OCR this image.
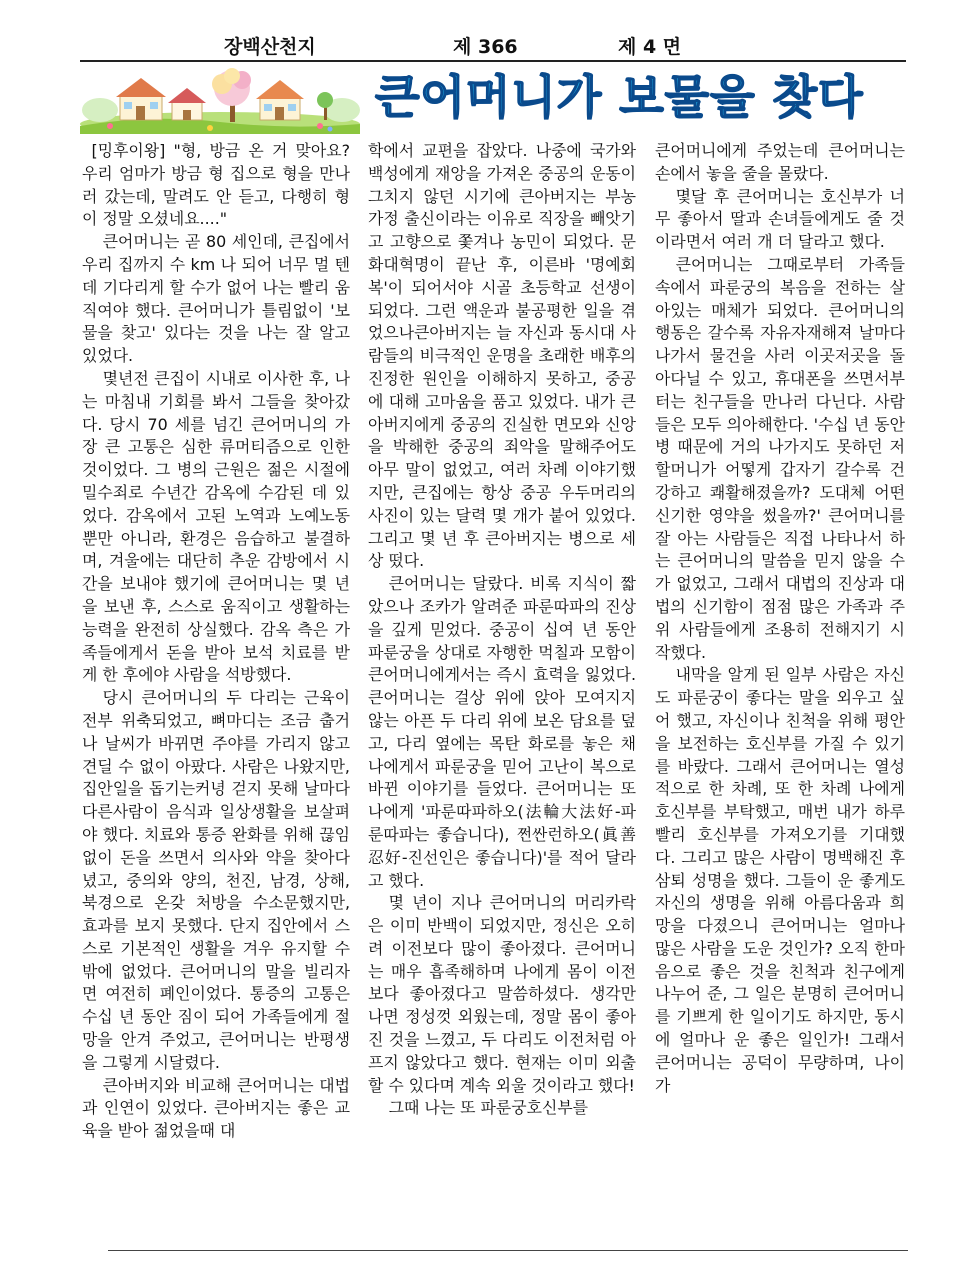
장백산천지	제 366	제 4 면
큰어머니가 보물을 찾다

[밍후이왕] "형, 방금 온 거 맞아요? 우리 엄마가 방금 형 집으로 형을 만나러 갔는데, 말려도 안 듣고, 다행히 형이 정말 오셨네요...."

큰어머니는 곧 80 세인데, 큰집에서 우리 집까지 수 km 나 되어 너무 멀 텐데 기다리게 할 수가 없어 나는 빨리 움직여야 했다. 큰어머니가 틀림없이 '보물을 찾고' 있다는 것을 나는 잘 알고 있었다.

몇년전 큰집이 시내로 이사한 후, 나는 마침내 기회를 봐서 그들을 찾아갔다. 당시 70 세를 넘긴 큰어머니의 가장 큰 고통은 심한 류머티즘으로 인한 것이었다. 그 병의 근원은 젊은 시절에 밀수죄로 수년간 감옥에 수감된 데 있었다. 감옥에서 고된 노역과 노예노동뿐만 아니라, 환경은 음습하고 불결하며, 겨울에는 대단히 추운 감방에서 시간을 보내야 했기에 큰어머니는 몇 년을 보낸 후, 스스로 움직이고 생활하는 능력을 완전히 상실했다. 감옥 측은 가족들에게서 돈을 받아 보석 치료를 받게 한 후에야 사람을 석방했다.

당시 큰어머니의 두 다리는 근육이 전부 위축되었고, 뼈마디는 조금 춥거나 날씨가 바뀌면 주야를 가리지 않고 견딜 수 없이 아팠다. 사람은 나왔지만, 집안일을 돕기는커녕 걷지 못해 날마다 다른사람이 음식과 일상생활을 보살펴야 했다. 치료와 통증 완화를 위해 끊임없이 돈을 쓰면서 의사와 약을 찾아다녔고, 중의와 양의, 천진, 남경, 상해, 북경으로 온갖 처방을 수소문했지만, 효과를 보지 못했다. 단지 집안에서 스스로 기본적인 생활을 겨우 유지할 수밖에 없었다. 큰어머니의 말을 빌리자면 여전히 폐인이었다. 통증의 고통은 수십 년 동안 짐이 되어 가족들에게 절망을 안겨 주었고, 큰어머니는 반평생을 그렇게 시달렸다.

큰아버지와 비교해 큰어머니는 대법과 인연이 있었다. 큰아버지는 좋은 교육을 받아 젊었을때 대

학에서 교편을 잡았다. 나중에 국가와 백성에게 재앙을 가져온 중공의 운동이 그치지 않던 시기에 큰아버지는 부농 가정 출신이라는 이유로 직장을 빼앗기고 고향으로 쫓겨나 농민이 되었다. 문화대혁명이 끝난 후, 이른바 '명예회복'이 되어서야 시골 초등학교 선생이 되었다. 그런 액운과 불공평한 일을 겪었으나큰아버지는 늘 자신과 동시대 사람들의 비극적인 운명을 초래한 배후의 진정한 원인을 이해하지 못하고, 중공에 대해 고마움을 품고 있었다. 내가 큰아버지에게 중공의 진실한 면모와 신앙을 박해한 중공의 죄악을 말해주어도 아무 말이 없었고, 여러 차례 이야기했지만, 큰집에는 항상 중공 우두머리의 사진이 있는 달력 몇 개가 붙어 있었다. 그리고 몇 년 후 큰아버지는 병으로 세상 떴다.

큰어머니는 달랐다. 비록 지식이 짧았으나 조카가 알려준 파룬따파의 진상을 깊게 믿었다. 중공이 십여 년 동안 파룬궁을 상대로 자행한 먹칠과 모함이 큰어머니에게서는 즉시 효력을 잃었다. 큰어머니는 걸상 위에 앉아 모여지지 않는 아픈 두 다리 위에 보온 담요를 덮고, 다리 옆에는 목탄 화로를 놓은 채 나에게서 파룬궁을 믿어 고난이 복으로 바뀐 이야기를 들었다. 큰어머니는 또 나에게 '파룬따파하오(法輪大法好-파룬따파는 좋습니다), 쩐싼런하오(眞善忍好-진선인은 좋습니다)'를 적어 달라고 했다.

몇 년이 지나 큰어머니의 머리카락은 이미 반백이 되었지만, 정신은 오히려 이전보다 많이 좋아졌다. 큰어머니는 매우 흡족해하며 나에게 몸이 이전보다 좋아졌다고 말씀하셨다. 생각만 나면 정성껏 외웠는데, 정말 몸이 좋아진 것을 느꼈고, 두 다리도 이전처럼 아프지 않았다고 했다. 현재는 이미 외출할 수 있다며 계속 외울 것이라고 했다!

그때 나는 또 파룬궁호신부를

큰어머니에게 주었는데 큰어머니는 손에서 놓을 줄을 몰랐다.

몇달 후 큰어머니는 호신부가 너무 좋아서 딸과 손녀들에게도 줄 것이라면서 여러 개 더 달라고 했다.

큰어머니는 그때로부터 가족들 속에서 파룬궁의 복음을 전하는 살아있는 매체가 되었다. 큰어머니의 행동은 갈수록 자유자재해져 날마다 나가서 물건을 사러 이곳저곳을 돌아다닐 수 있고, 휴대폰을 쓰면서부터는 친구들을 만나러 다닌다. 사람들은 모두 의아해한다. '수십 년 동안 병 때문에 거의 나가지도 못하던 저 할머니가 어떻게 갑자기 갈수록 건강하고 쾌활해졌을까? 도대체 어떤 신기한 영약을 썼을까?' 큰어머니를 잘 아는 사람들은 직접 나타나서 하는 큰어머니의 말씀을 믿지 않을 수가 없었고, 그래서 대법의 진상과 대법의 신기함이 점점 많은 가족과 주위 사람들에게 조용히 전해지기 시작했다.

내막을 알게 된 일부 사람은 자신도 파룬궁이 좋다는 말을 외우고 싶어 했고, 자신이나 친척을 위해 평안을 보전하는 호신부를 가질 수 있기를 바랐다. 그래서 큰어머니는 열성적으로 한 차례, 또 한 차례 나에게 호신부를 부탁했고, 매번 내가 하루빨리 호신부를 가져오기를 기대했다. 그리고 많은 사람이 명백해진 후 삼퇴 성명을 했다. 그들이 운 좋게도 자신의 생명을 위해 아름다움과 희망을 다졌으니 큰어머니는 얼마나 많은 사람을 도운 것인가? 오직 한마음으로 좋은 것을 친척과 친구에게 나누어 준, 그 일은 분명히 큰어머니를 기쁘게 한 일이기도 하지만, 동시에 얼마나 운 좋은 일인가! 그래서 큰어머니는 공덕이 무량하며, 나이가
